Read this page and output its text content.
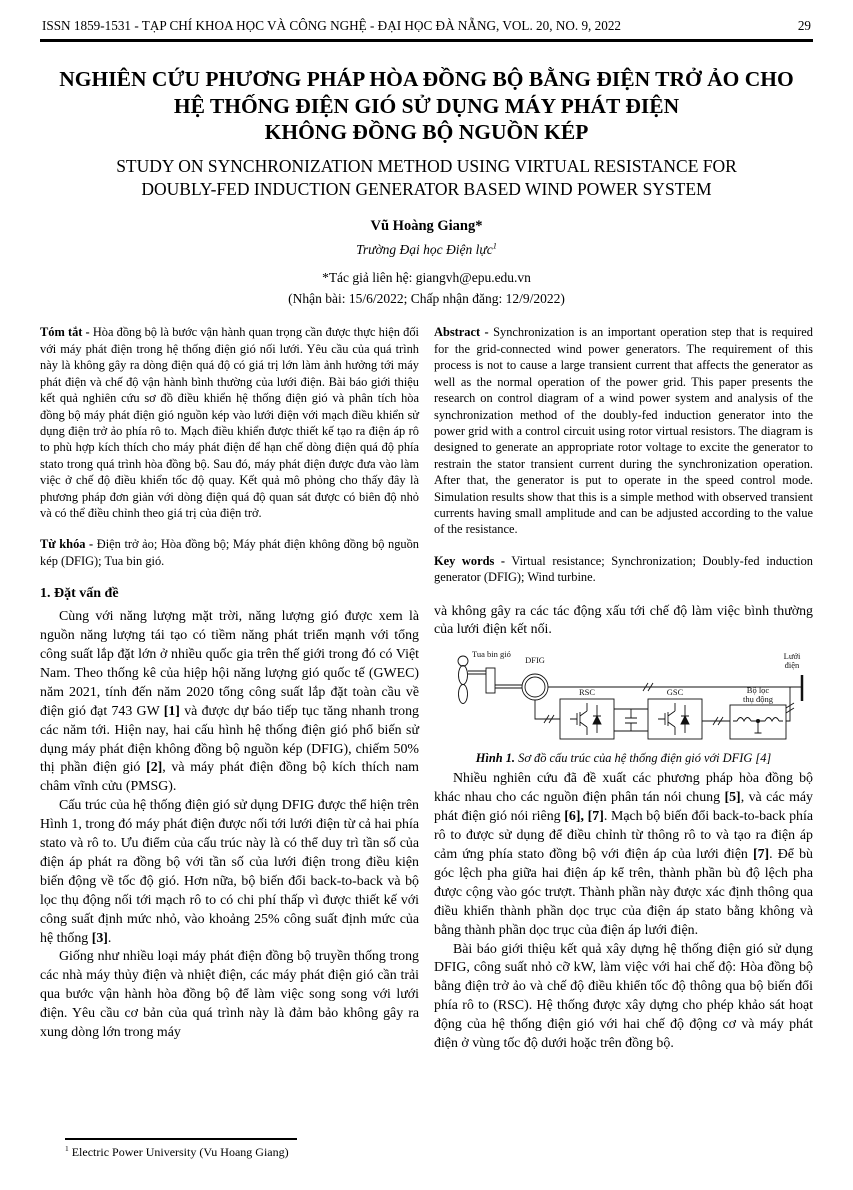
ISSN 1859-1531 - TẠP CHÍ KHOA HỌC VÀ CÔNG NGHỆ - ĐẠI HỌC ĐÀ NẴNG, VOL. 20, NO. 9, 2022	29
NGHIÊN CỨU PHƯƠNG PHÁP HÒA ĐỒNG BỘ BẰNG ĐIỆN TRỞ ẢO CHO
HỆ THỐNG ĐIỆN GIÓ SỬ DỤNG MÁY PHÁT ĐIỆN
KHÔNG ĐỒNG BỘ NGUỒN KÉP
STUDY ON SYNCHRONIZATION METHOD USING VIRTUAL RESISTANCE FOR
DOUBLY-FED INDUCTION GENERATOR BASED WIND POWER SYSTEM
Vũ Hoàng Giang*
Trường Đại học Điện lực$^1$
*Tác giả liên hệ: giangvh@epu.edu.vn
(Nhận bài: 15/6/2022; Chấp nhận đăng: 12/9/2022)

Tóm tắt - Hòa đồng bộ là bước vận hành quan trọng cần được thực hiện đối với máy phát điện trong hệ thống điện gió nối lưới. Yêu cầu của quá trình này là không gây ra dòng điện quá độ có giá trị lớn làm ảnh hưởng tới máy phát điện và chế độ vận hành bình thường của lưới điện. Bài báo giới thiệu kết quả nghiên cứu sơ đồ điều khiển hệ thống điện gió và phân tích hòa đồng bộ máy phát điện gió nguồn kép vào lưới điện với mạch điều khiển sử dụng điện trở ảo phía rô to. Mạch điều khiển được thiết kế tạo ra điện áp rô to phù hợp kích thích cho máy phát điện để hạn chế dòng điện quá độ phía stato trong quá trình hòa đồng bộ. Sau đó, máy phát điện được đưa vào làm việc ở chế độ điều khiển tốc độ quay. Kết quả mô phỏng cho thấy đây là phương pháp đơn giản với dòng điện quá độ quan sát được có biên độ nhỏ và có thể điều chỉnh theo giá trị của điện trở.

Từ khóa - Điện trở ảo; Hòa đồng bộ; Máy phát điện không đồng bộ nguồn kép (DFIG); Tua bin gió.

1. Đặt vấn đề

Cùng với năng lượng mặt trời, năng lượng gió được xem là nguồn năng lượng tái tạo có tiềm năng phát triển mạnh với tổng công suất lắp đặt lớn ở nhiều quốc gia trên thế giới trong đó có Việt Nam. Theo thống kê của hiệp hội năng lượng gió quốc tế (GWEC) năm 2021, tính đến năm 2020 tổng công suất lắp đặt toàn cầu về điện gió đạt 743 GW [1] và được dự báo tiếp tục tăng nhanh trong các năm tới. Hiện nay, hai cấu hình hệ thống điện gió phổ biến sử dụng máy phát điện không đồng bộ nguồn kép (DFIG), chiếm 50% thị phần điện gió [2], và máy phát điện đồng bộ kích thích nam châm vĩnh cửu (PMSG).

Cấu trúc của hệ thống điện gió sử dụng DFIG được thể hiện trên Hình 1, trong đó máy phát điện được nối tới lưới điện từ cả hai phía stato và rô to. Ưu điểm của cấu trúc này là có thể duy trì tần số của điện áp phát ra đồng bộ với tần số của lưới điện trong điều kiện biến động về tốc độ gió. Hơn nữa, bộ biến đổi back-to-back và bộ lọc thụ động nối tới mạch rô to có chi phí thấp vì được thiết kế với công suất định mức nhỏ, vào khoảng 25% công suất định mức của hệ thống [3].

Giống như nhiều loại máy phát điện đồng bộ truyền thống trong các nhà máy thủy điện và nhiệt điện, các máy phát điện gió cần trải qua bước vận hành hòa đồng bộ để làm việc song song với lưới điện. Yêu cầu cơ bản của quá trình này là đảm bảo không gây ra xung dòng lớn trong máy

Abstract - Synchronization is an important operation step that is required for the grid-connected wind power generators. The requirement of this process is not to cause a large transient current that affects the generator as well as the normal operation of the power grid. This paper presents the research on control diagram of a wind power system and analysis of the synchronization method of the doubly-fed induction generator into the power grid with a control circuit using rotor virtual resistors. The diagram is designed to generate an appropriate rotor voltage to excite the generator to restrain the stator transient current during the synchronization operation. After that, the generator is put to operate in the speed control mode. Simulation results show that this is a simple method with observed transient currents having small amplitude and can be adjusted according to the value of the resistance.

Key words - Virtual resistance; Synchronization; Doubly-fed induction generator (DFIG); Wind turbine.

và không gây ra các tác động xấu tới chế độ làm việc bình thường của lưới điện kết nối.

Tua bin gió
DFIG
RSC	GSC	Bộ lọc
thụ động
Lưới
điện
Hình 1. Sơ đồ cấu trúc của hệ thống điện gió với DFIG [4]

Nhiều nghiên cứu đã đề xuất các phương pháp hòa đồng bộ khác nhau cho các nguồn điện phân tán nói chung [5], và các máy phát điện gió nói riêng [6], [7]. Mạch bộ biến đổi back-to-back phía rô to được sử dụng để điều chỉnh từ thông rô to và tạo ra điện áp cảm ứng phía stato đồng bộ với điện áp của lưới điện [7]. Để bù góc lệch pha giữa hai điện áp kể trên, thành phần bù độ lệch pha được cộng vào góc trượt. Thành phần này được xác định thông qua điều khiển thành phần dọc trục của điện áp stato bằng không và bằng thành phần dọc trục của điện áp lưới điện.

Bài báo giới thiệu kết quả xây dựng hệ thống điện gió sử dụng DFIG, công suất nhỏ cỡ kW, làm việc với hai chế độ: Hòa đồng bộ bằng điện trở ảo và chế độ điều khiển tốc độ thông qua bộ biến đổi phía rô to (RSC). Hệ thống được xây dựng cho phép khảo sát hoạt động của hệ thống điện gió với hai chế độ động cơ và máy phát điện ở vùng tốc độ dưới hoặc trên đồng bộ.

$^1$ Electric Power University (Vu Hoang Giang)
